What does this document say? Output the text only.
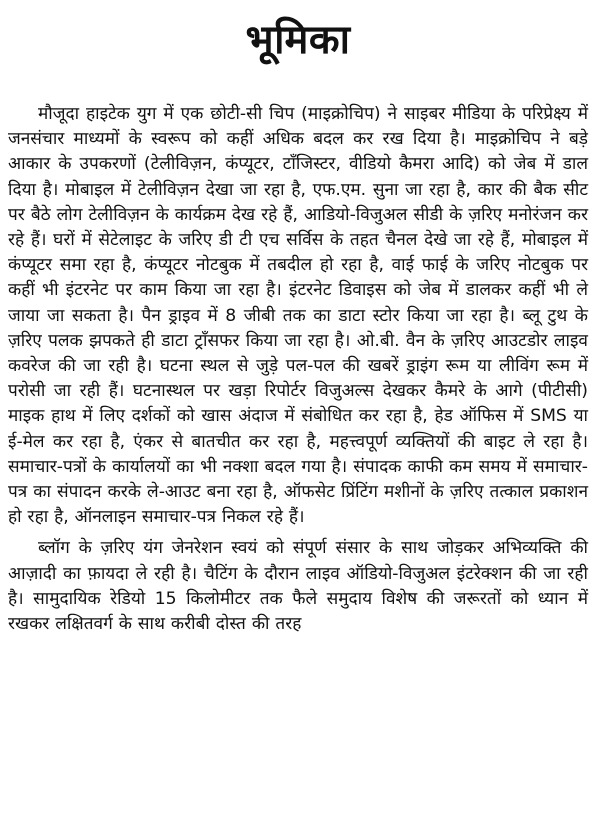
भूमिका

मौजूदा हाइटेक युग में एक छोटी-सी चिप (माइक्रोचिप) ने साइबर मीडिया के परिप्रेक्ष्य में जनसंचार माध्यमों के स्वरूप को कहीं अधिक बदल कर रख दिया है। माइक्रोचिप ने बड़े आकार के उपकरणों (टेलीविज़न, कंप्यूटर, टाँजिस्टर, वीडियो कैमरा आदि) को जेब में डाल दिया है। मोबाइल में टेलीविज़न देखा जा रहा है, एफ.एम. सुना जा रहा है, कार की बैक सीट पर बैठे लोग टेलीविज़न के कार्यक्रम देख रहे हैं, आडियो-विजुअल सीडी के ज़रिए मनोरंजन कर रहे हैं। घरों में सेटेलाइट के जरिए डी टी एच सर्विस के तहत चैनल देखे जा रहे हैं, मोबाइल में कंप्यूटर समा रहा है, कंप्यूटर नोटबुक में तबदील हो रहा है, वाई फाई के जरिए नोटबुक पर कहीं भी इंटरनेट पर काम किया जा रहा है। इंटरनेट डिवाइस को जेब में डालकर कहीं भी ले जाया जा सकता है। पैन ड्राइव में 8 जीबी तक का डाटा स्टोर किया जा रहा है। ब्लू टुथ के ज़रिए पलक झपकते ही डाटा ट्राँसफर किया जा रहा है। ओ.बी. वैन के ज़रिए आउटडोर लाइव कवरेज की जा रही है। घटना स्थल से जुड़े पल-पल की खबरें ड्राइंग रूम या लीविंग रूम में परोसी जा रही हैं। घटनास्थल पर खड़ा रिपोर्टर विजुअल्स देखकर कैमरे के आगे (पीटीसी) माइक हाथ में लिए दर्शकों को खास अंदाज में संबोधित कर रहा है, हेड ऑफिस में SMS या ई-मेल कर रहा है, एंकर से बातचीत कर रहा है, महत्त्वपूर्ण व्यक्तियों की बाइट ले रहा है। समाचार-पत्रों के कार्यालयों का भी नक्शा बदल गया है। संपादक काफी कम समय में समाचार-पत्र का संपादन करके ले-आउट बना रहा है, ऑफसेट प्रिंटिंग मशीनों के ज़रिए तत्काल प्रकाशन हो रहा है, ऑनलाइन समाचार-पत्र निकल रहे हैं।

ब्लॉग के ज़रिए यंग जेनरेशन स्वयं को संपूर्ण संसार के साथ जोड़कर अभिव्यक्ति की आज़ादी का फ़ायदा ले रही है। चैटिंग के दौरान लाइव ऑडियो-विजुअल इंटरेक्शन की जा रही है। सामुदायिक रेडियो 15 किलोमीटर तक फैले समुदाय विशेष की जरूरतों को ध्यान में रखकर लक्षितवर्ग के साथ करीबी दोस्त की तरह
